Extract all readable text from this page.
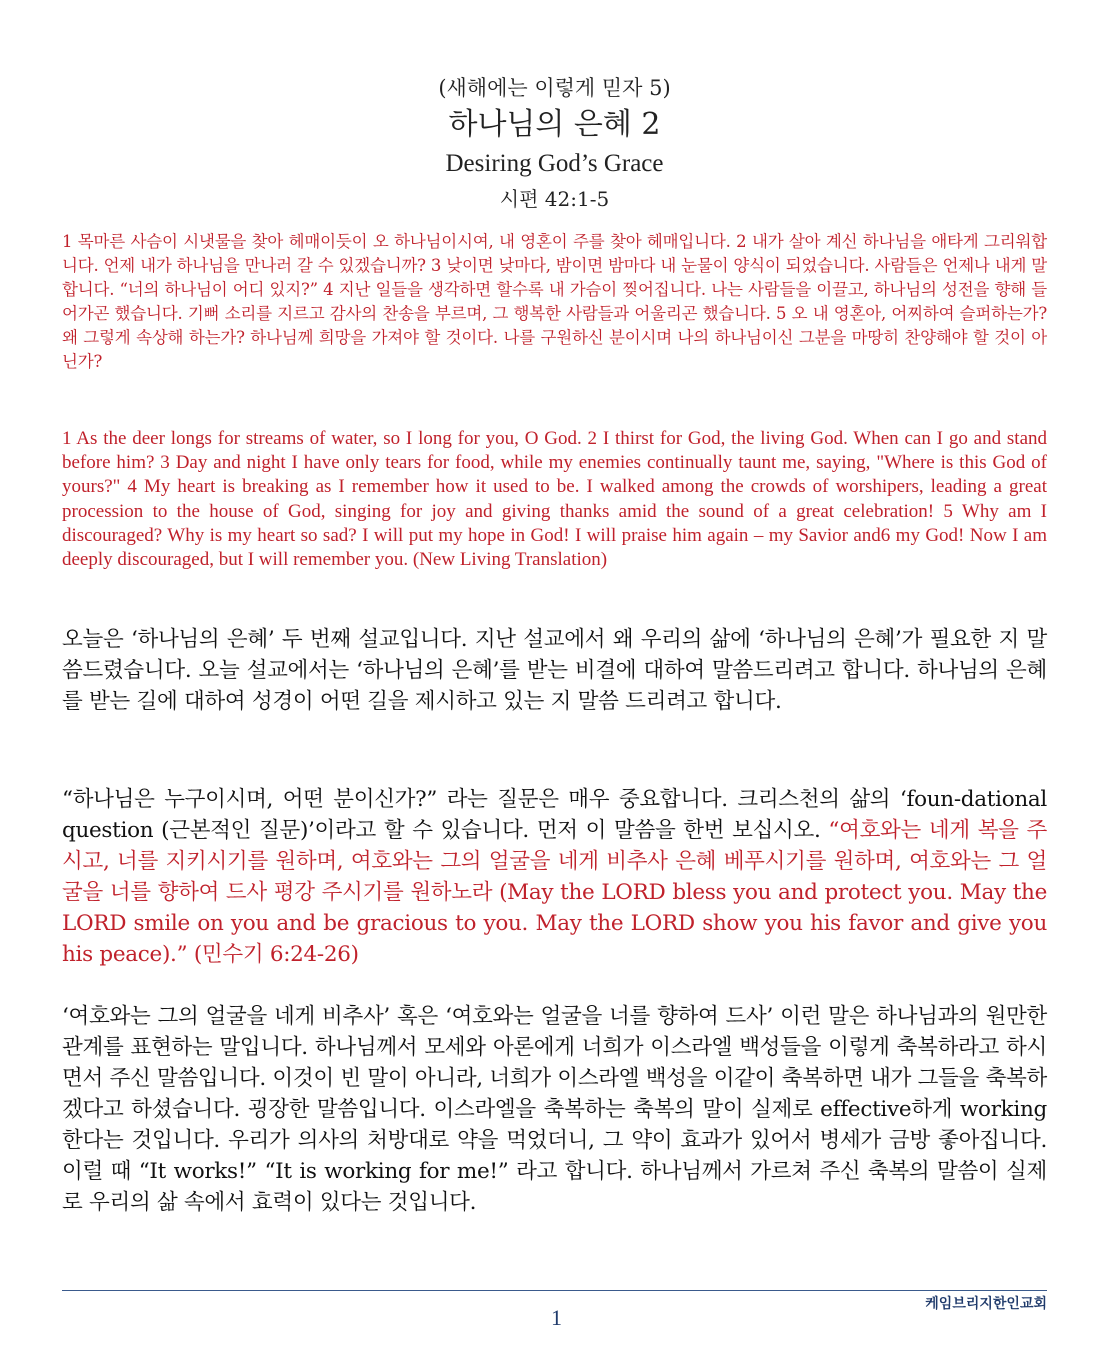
(새해에는 이렇게 믿자 5)
하나님의 은혜 2
Desiring God’s Grace
시편 42:1-5
1 목마른 사슴이 시냇물을 찾아 헤매이듯이 오 하나님이시여, 내 영혼이 주를 찾아 헤매입니다. 2 내가 살아 계신 하나님을 애타게 그리워합니다. 언제 내가 하나님을 만나러 갈 수 있겠습니까? 3 낮이면 낮마다, 밤이면 밤마다 내 눈물이 양식이 되었습니다. 사람들은 언제나 내게 말합니다. “너의 하나님이 어디 있지?” 4 지난 일들을 생각하면 할수록 내 가슴이 찢어집니다. 나는 사람들을 이끌고, 하나님의 성전을 향해 들어가곤 했습니다. 기뻐 소리를 지르고 감사의 찬송을 부르며, 그 행복한 사람들과 어울리곤 했습니다. 5 오 내 영혼아, 어찌하여 슬퍼하는가? 왜 그렇게 속상해 하는가? 하나님께 희망을 가져야 할 것이다. 나를 구원하신 분이시며 나의 하나님이신 그분을 마땅히 찬양해야 할 것이 아닌가?
1 As the deer longs for streams of water, so I long for you, O God. 2 I thirst for God, the living God. When can I go and stand before him? 3 Day and night I have only tears for food, while my enemies continually taunt me, saying, "Where is this God of yours?" 4 My heart is breaking as I remember how it used to be. I walked among the crowds of worshipers, leading a great procession to the house of God, singing for joy and giving thanks amid the sound of a great celebration! 5 Why am I discouraged? Why is my heart so sad? I will put my hope in God! I will praise him again – my Savior and6 my God! Now I am deeply discouraged, but I will remember you. (New Living Translation)
오늘은 ‘하나님의 은혜’ 두 번째 설교입니다. 지난 설교에서 왜 우리의 삶에 ‘하나님의 은혜’가 필요한 지 말씀드렸습니다. 오늘 설교에서는 ‘하나님의 은혜’를 받는 비결에 대하여 말씀드리려고 합니다. 하나님의 은혜를 받는 길에 대하여 성경이 어떤 길을 제시하고 있는 지 말씀 드리려고 합니다.
“하나님은 누구이시며, 어떤 분이신가?” 라는 질문은 매우 중요합니다. 크리스천의 삶의 ‘foun-dational question (근본적인 질문)’이라고 할 수 있습니다. 먼저 이 말씀을 한번 보십시오. “여호와는 네게 복을 주시고, 너를 지키시기를 원하며, 여호와는 그의 얼굴을 네게 비추사 은혜 베푸시기를 원하며, 여호와는 그 얼굴을 너를 향하여 드사 평강 주시기를 원하노라 (May the LORD bless you and protect you. May the LORD smile on you and be gracious to you. May the LORD show you his favor and give you his peace).” (민수기 6:24-26)
‘여호와는 그의 얼굴을 네게 비추사’ 혹은 ‘여호와는 얼굴을 너를 향하여 드사’ 이런 말은 하나님과의 원만한 관계를 표현하는 말입니다. 하나님께서 모세와 아론에게 너희가 이스라엘 백성들을 이렇게 축복하라고 하시면서 주신 말씀입니다. 이것이 빈 말이 아니라, 너희가 이스라엘 백성을 이같이 축복하면 내가 그들을 축복하겠다고 하셨습니다. 굉장한 말씀입니다. 이스라엘을 축복하는 축복의 말이 실제로 effective하게 working한다는 것입니다. 우리가 의사의 처방대로 약을 먹었더니, 그 약이 효과가 있어서 병세가 금방 좋아집니다. 이럴 때 “It works!” “It is working for me!” 라고 합니다. 하나님께서 가르쳐 주신 축복의 말씀이 실제로 우리의 삶 속에서 효력이 있다는 것입니다.
케임브리지한인교회
1
